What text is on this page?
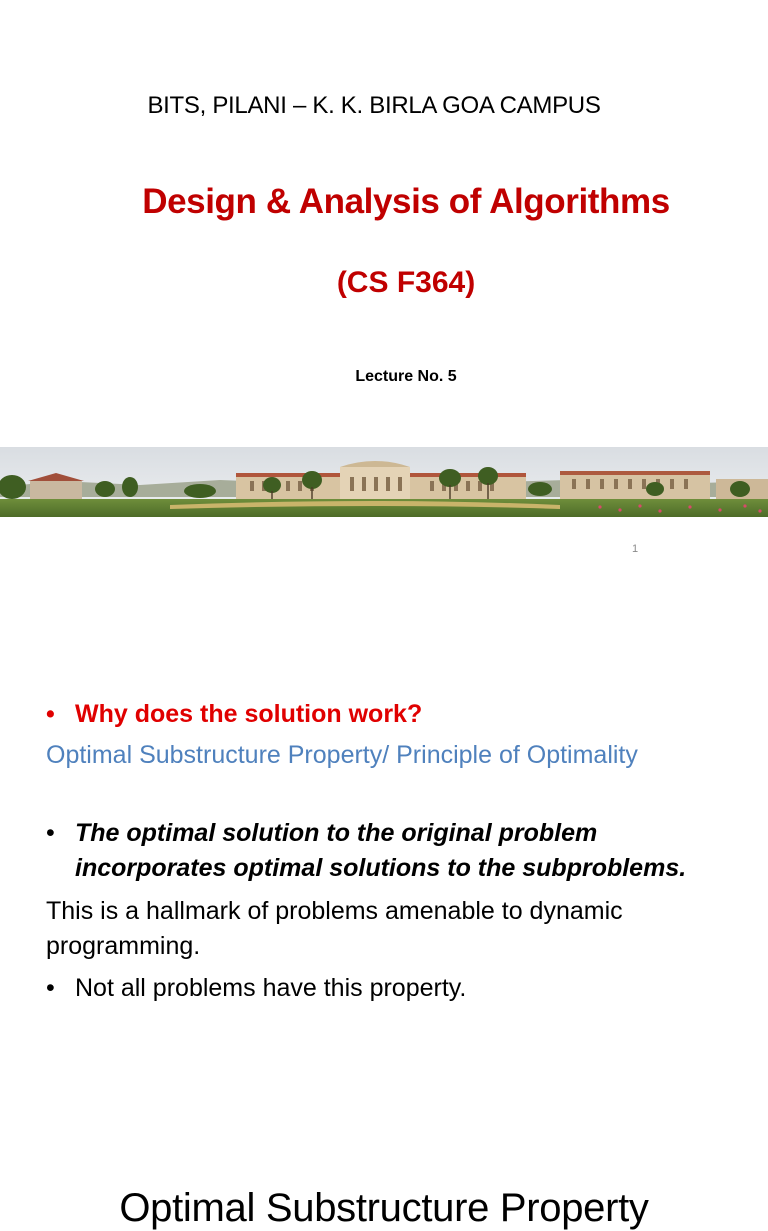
BITS, PILANI – K. K. BIRLA GOA CAMPUS

Design & Analysis of Algorithms

(CS F364)

Lecture No. 5

1
Optimal Substructure Property
• Why does the solution work?
Optimal Substructure Property/ Principle of Optimality
• The optimal solution to the original problem incorporates optimal solutions to the subproblems.
This is a hallmark of problems amenable to dynamic programming.
• Not all problems have this property.
